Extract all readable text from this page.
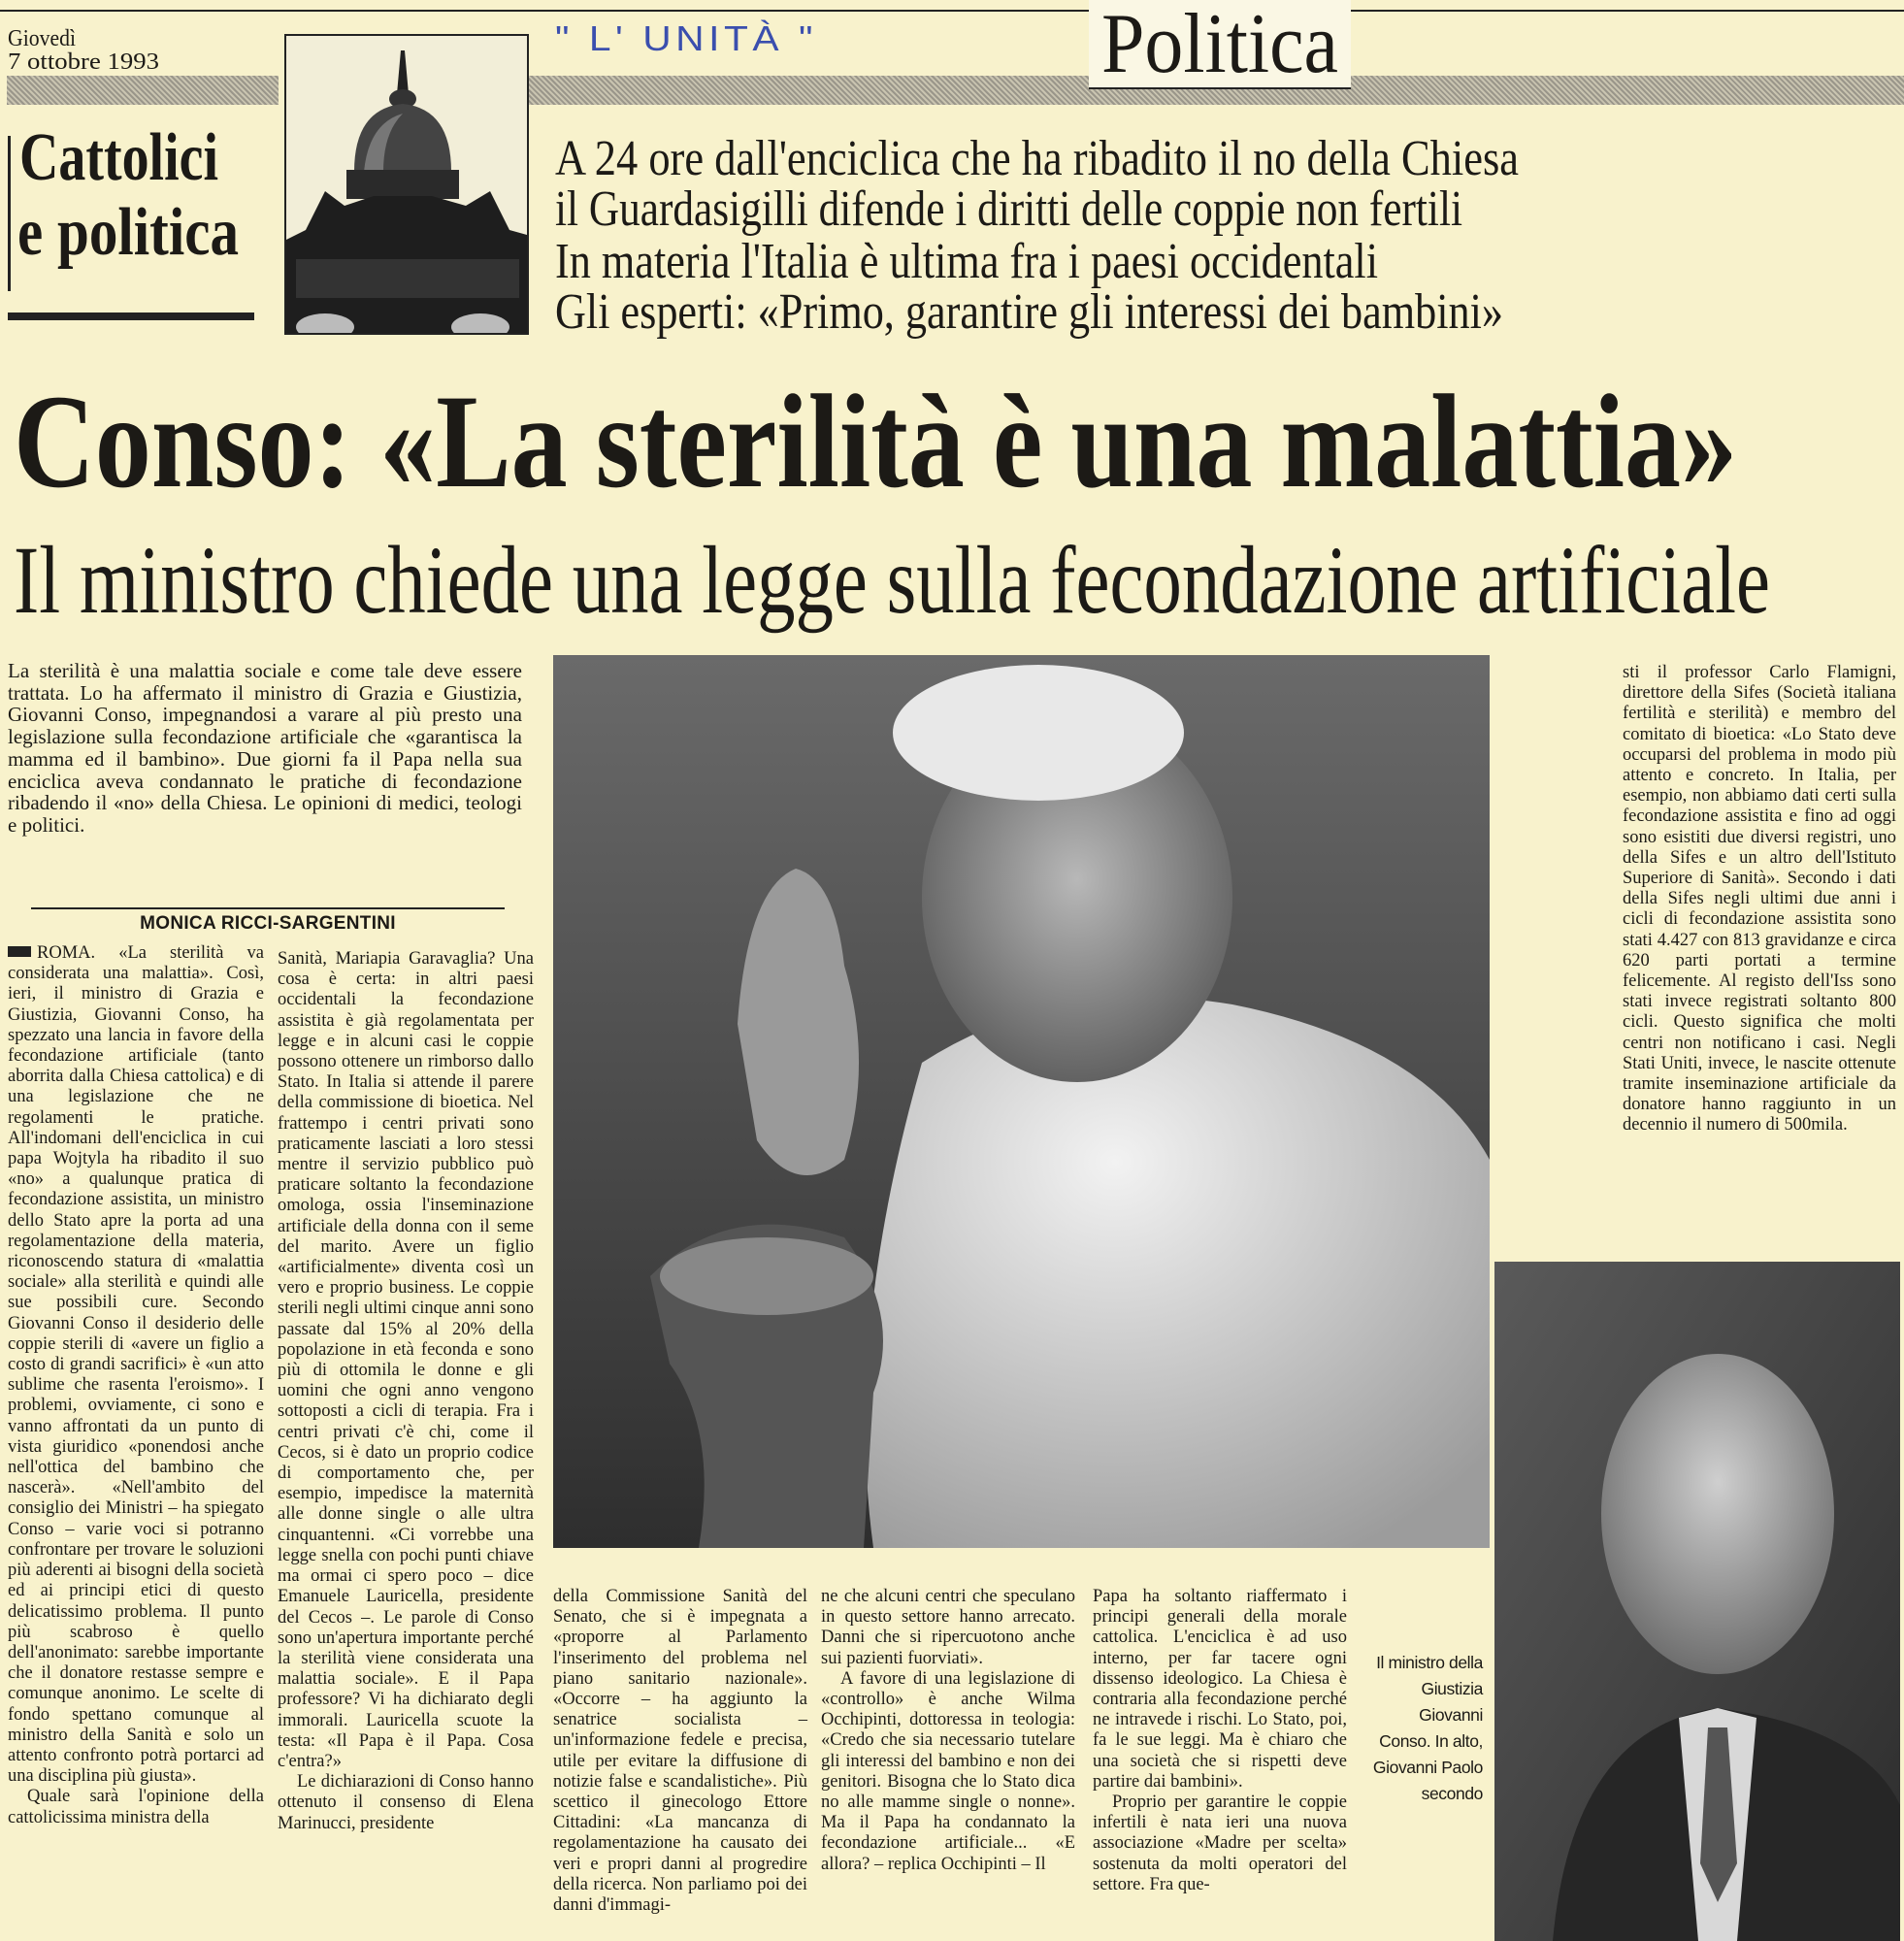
Giovedì
7 ottobre 1993
" L' UNITÀ "	Politica
Cattolici
e politica
A 24 ore dall'enciclica che ha ribadito il no della Chiesa
il Guardasigilli difende i diritti delle coppie non fertili
In materia l'Italia è ultima fra i paesi occidentali
Gli esperti: «Primo, garantire gli interessi dei bambini»
Conso: «La sterilità è una malattia»
Il ministro chiede una legge sulla fecondazione artificiale
La sterilità è una malattia sociale e come tale deve essere trattata. Lo ha affermato il ministro di Grazia e Giustizia, Giovanni Conso, impegnandosi a varare al più presto una legislazione sulla fecondazione artificiale che «garantisca la mamma ed il bambino». Due giorni fa il Papa nella sua enciclica aveva condannato le pratiche di fecondazione ribadendo il «no» della Chiesa. Le opinioni di medici, teologi e politici.
MONICA RICCI-SARGENTINI

ROMA. «La sterilità va considerata una malattia». Così, ieri, il ministro di Grazia e Giustizia, Giovanni Conso, ha spezzato una lancia in favore della fecondazione artificiale (tanto aborrita dalla Chiesa cattolica) e di una legislazione che ne regolamenti le pratiche. All'indomani dell'enciclica in cui papa Wojtyla ha ribadito il suo «no» a qualunque pratica di fecondazione assistita, un ministro dello Stato apre la porta ad una regolamentazione della materia, riconoscendo statura di «malattia sociale» alla sterilità e quindi alle sue possibili cure. Secondo Giovanni Conso il desiderio delle coppie sterili di «avere un figlio a costo di grandi sacrifici» è «un atto sublime che rasenta l'eroismo». I problemi, ovviamente, ci sono e vanno affrontati da un punto di vista giuridico «ponendosi anche nell'ottica del bambino che nascerà». «Nell'ambito del consiglio dei Ministri – ha spiegato Conso – varie voci si potranno confrontare per trovare le soluzioni più aderenti ai bisogni della società ed ai principi etici di questo delicatissimo problema. Il punto più scabroso è quello dell'anonimato: sarebbe importante che il donatore restasse sempre e comunque anonimo. Le scelte di fondo spettano comunque al ministro della Sanità e solo un attento confronto potrà portarci ad una disciplina più giusta».

Quale sarà l'opinione della cattolicissima ministra della

Sanità, Mariapia Garavaglia? Una cosa è certa: in altri paesi occidentali la fecondazione assistita è già regolamentata per legge e in alcuni casi le coppie possono ottenere un rimborso dallo Stato. In Italia si attende il parere della commissione di bioetica. Nel frattempo i centri privati sono praticamente lasciati a loro stessi mentre il servizio pubblico può praticare soltanto la fecondazione omologa, ossia l'inseminazione artificiale della donna con il seme del marito. Avere un figlio «artificialmente» diventa così un vero e proprio business. Le coppie sterili negli ultimi cinque anni sono passate dal 15% al 20% della popolazione in età feconda e sono più di ottomila le donne e gli uomini che ogni anno vengono sottoposti a cicli di terapia. Fra i centri privati c'è chi, come il Cecos, si è dato un proprio codice di comportamento che, per esempio, impedisce la maternità alle donne single o alle ultra cinquantenni. «Ci vorrebbe una legge snella con pochi punti chiave ma ormai ci spero poco – dice Emanuele Lauricella, presidente del Cecos –. Le parole di Conso sono un'apertura importante perché la sterilità viene considerata una malattia sociale». E il Papa professore? Vi ha dichiarato degli immorali. Lauricella scuote la testa: «Il Papa è il Papa. Cosa c'entra?»

Le dichiarazioni di Conso hanno ottenuto il consenso di Elena Marinucci, presidente

della Commissione Sanità del Senato, che si è impegnata a «proporre al Parlamento l'inserimento del problema nel piano sanitario nazionale». «Occorre – ha aggiunto la senatrice socialista – un'informazione fedele e precisa, utile per evitare la diffusione di notizie false e scandalistiche». Più scettico il ginecologo Ettore Cittadini: «La mancanza di regolamentazione ha causato dei veri e propri danni al progredire della ricerca. Non parliamo poi dei danni d'immagi-

ne che alcuni centri che speculano in questo settore hanno arrecato. Danni che si ripercuotono anche sui pazienti fuorviati».

A favore di una legislazione di «controllo» è anche Wilma Occhipinti, dottoressa in teologia: «Credo che sia necessario tutelare gli interessi del bambino e non dei genitori. Bisogna che lo Stato dica no alle mamme single o nonne». Ma il Papa ha condannato la fecondazione artificiale... «E allora? – replica Occhipinti – Il

Papa ha soltanto riaffermato i principi generali della morale cattolica. L'enciclica è ad uso interno, per far tacere ogni dissenso ideologico. La Chiesa è contraria alla fecondazione perché ne intravede i rischi. Lo Stato, poi, fa le sue leggi. Ma è chiaro che una società che si rispetti deve partire dai bambini».

Proprio per garantire le coppie infertili è nata ieri una nuova associazione «Madre per scelta» sostenuta da molti operatori del settore. Fra que-

sti il professor Carlo Flamigni, direttore della Sifes (Società italiana fertilità e sterilità) e membro del comitato di bioetica: «Lo Stato deve occuparsi del problema in modo più attento e concreto. In Italia, per esempio, non abbiamo dati certi sulla fecondazione assistita e fino ad oggi sono esistiti due diversi registri, uno della Sifes e un altro dell'Istituto Superiore di Sanità». Secondo i dati della Sifes negli ultimi due anni i cicli di fecondazione assistita sono stati 4.427 con 813 gravidanze e circa 620 parti portati a termine felicemente. Al registo dell'Iss sono stati invece registrati soltanto 800 cicli. Questo significa che molti centri non notificano i casi. Negli Stati Uniti, invece, le nascite ottenute tramite inseminazione artificiale da donatore hanno raggiunto in un decennio il numero di 500mila.

Il ministro della
Giustizia
Giovanni
Conso. In alto,
Giovanni Paolo
secondo
